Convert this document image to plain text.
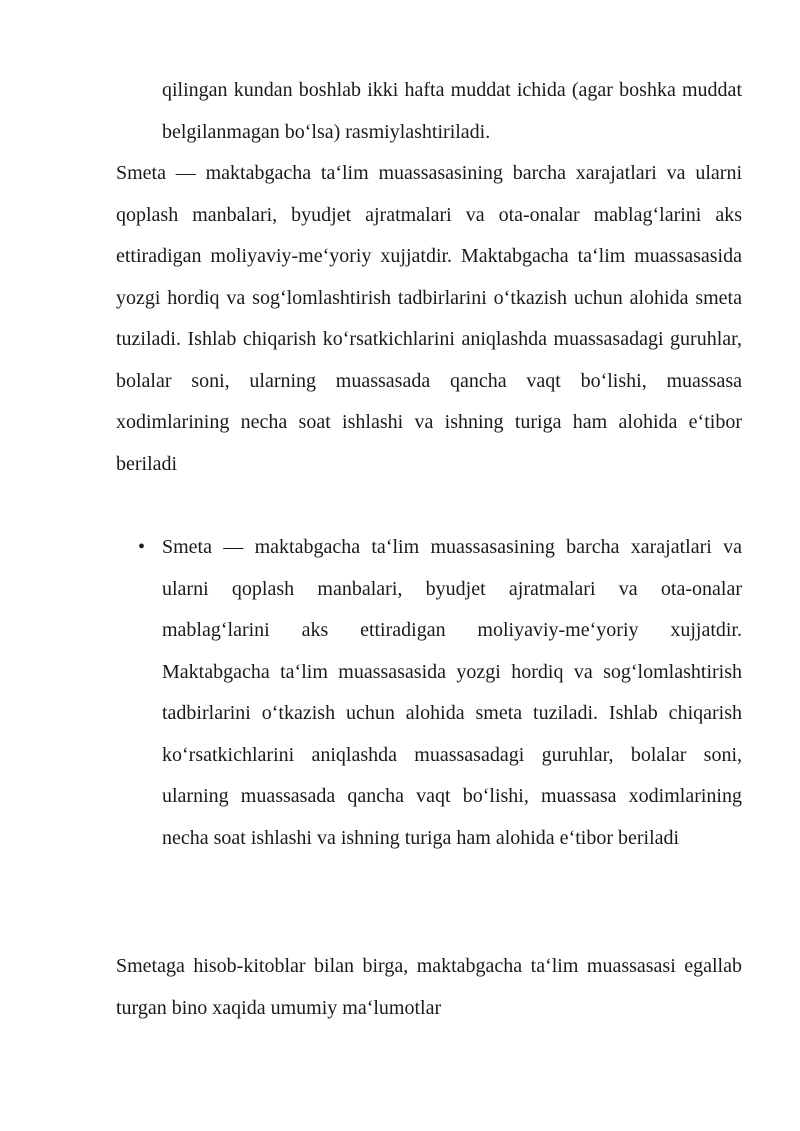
qilingan kundan boshlab ikki hafta muddat ichida (agar boshka muddat belgilanmagan bo‘lsa) rasmiylashtiriladi.

Smeta — maktabgacha ta‘lim muassasasining barcha xarajatlari va ularni qoplash manbalari, byudjet ajratmalari va ota-onalar mablag‘larini aks ettiradigan moliyaviy-me‘yoriy xujjatdir. Maktabgacha ta‘lim muassasasida yozgi hordiq va sog‘lomlashtirish tadbirlarini o‘tkazish uchun alohida smeta tuziladi. Ishlab chiqarish ko‘rsatkichlarini aniqlashda muassasadagi guruhlar, bolalar soni, ularning muassasada qancha vaqt bo‘lishi, muassasa xodimlarining necha soat ishlashi va ishning turiga ham alohida e‘tibor beriladi

• Smeta — maktabgacha ta‘lim muassasasining barcha xarajatlari va ularni qoplash manbalari, byudjet ajratmalari va ota-onalar mablag‘larini aks ettiradigan moliyaviy-me‘yoriy xujjatdir. Maktabgacha ta‘lim muassasasida yozgi hordiq va sog‘lomlashtirish tadbirlarini o‘tkazish uchun alohida smeta tuziladi. Ishlab chiqarish ko‘rsatkichlarini aniqlashda muassasadagi guruhlar, bolalar soni, ularning muassasada qancha vaqt bo‘lishi, muassasa xodimlarining necha soat ishlashi va ishning turiga ham alohida e‘tibor beriladi

Smetaga hisob-kitoblar bilan birga, maktabgacha ta‘lim muassasasi egallab turgan bino xaqida umumiy ma‘lumotlar
